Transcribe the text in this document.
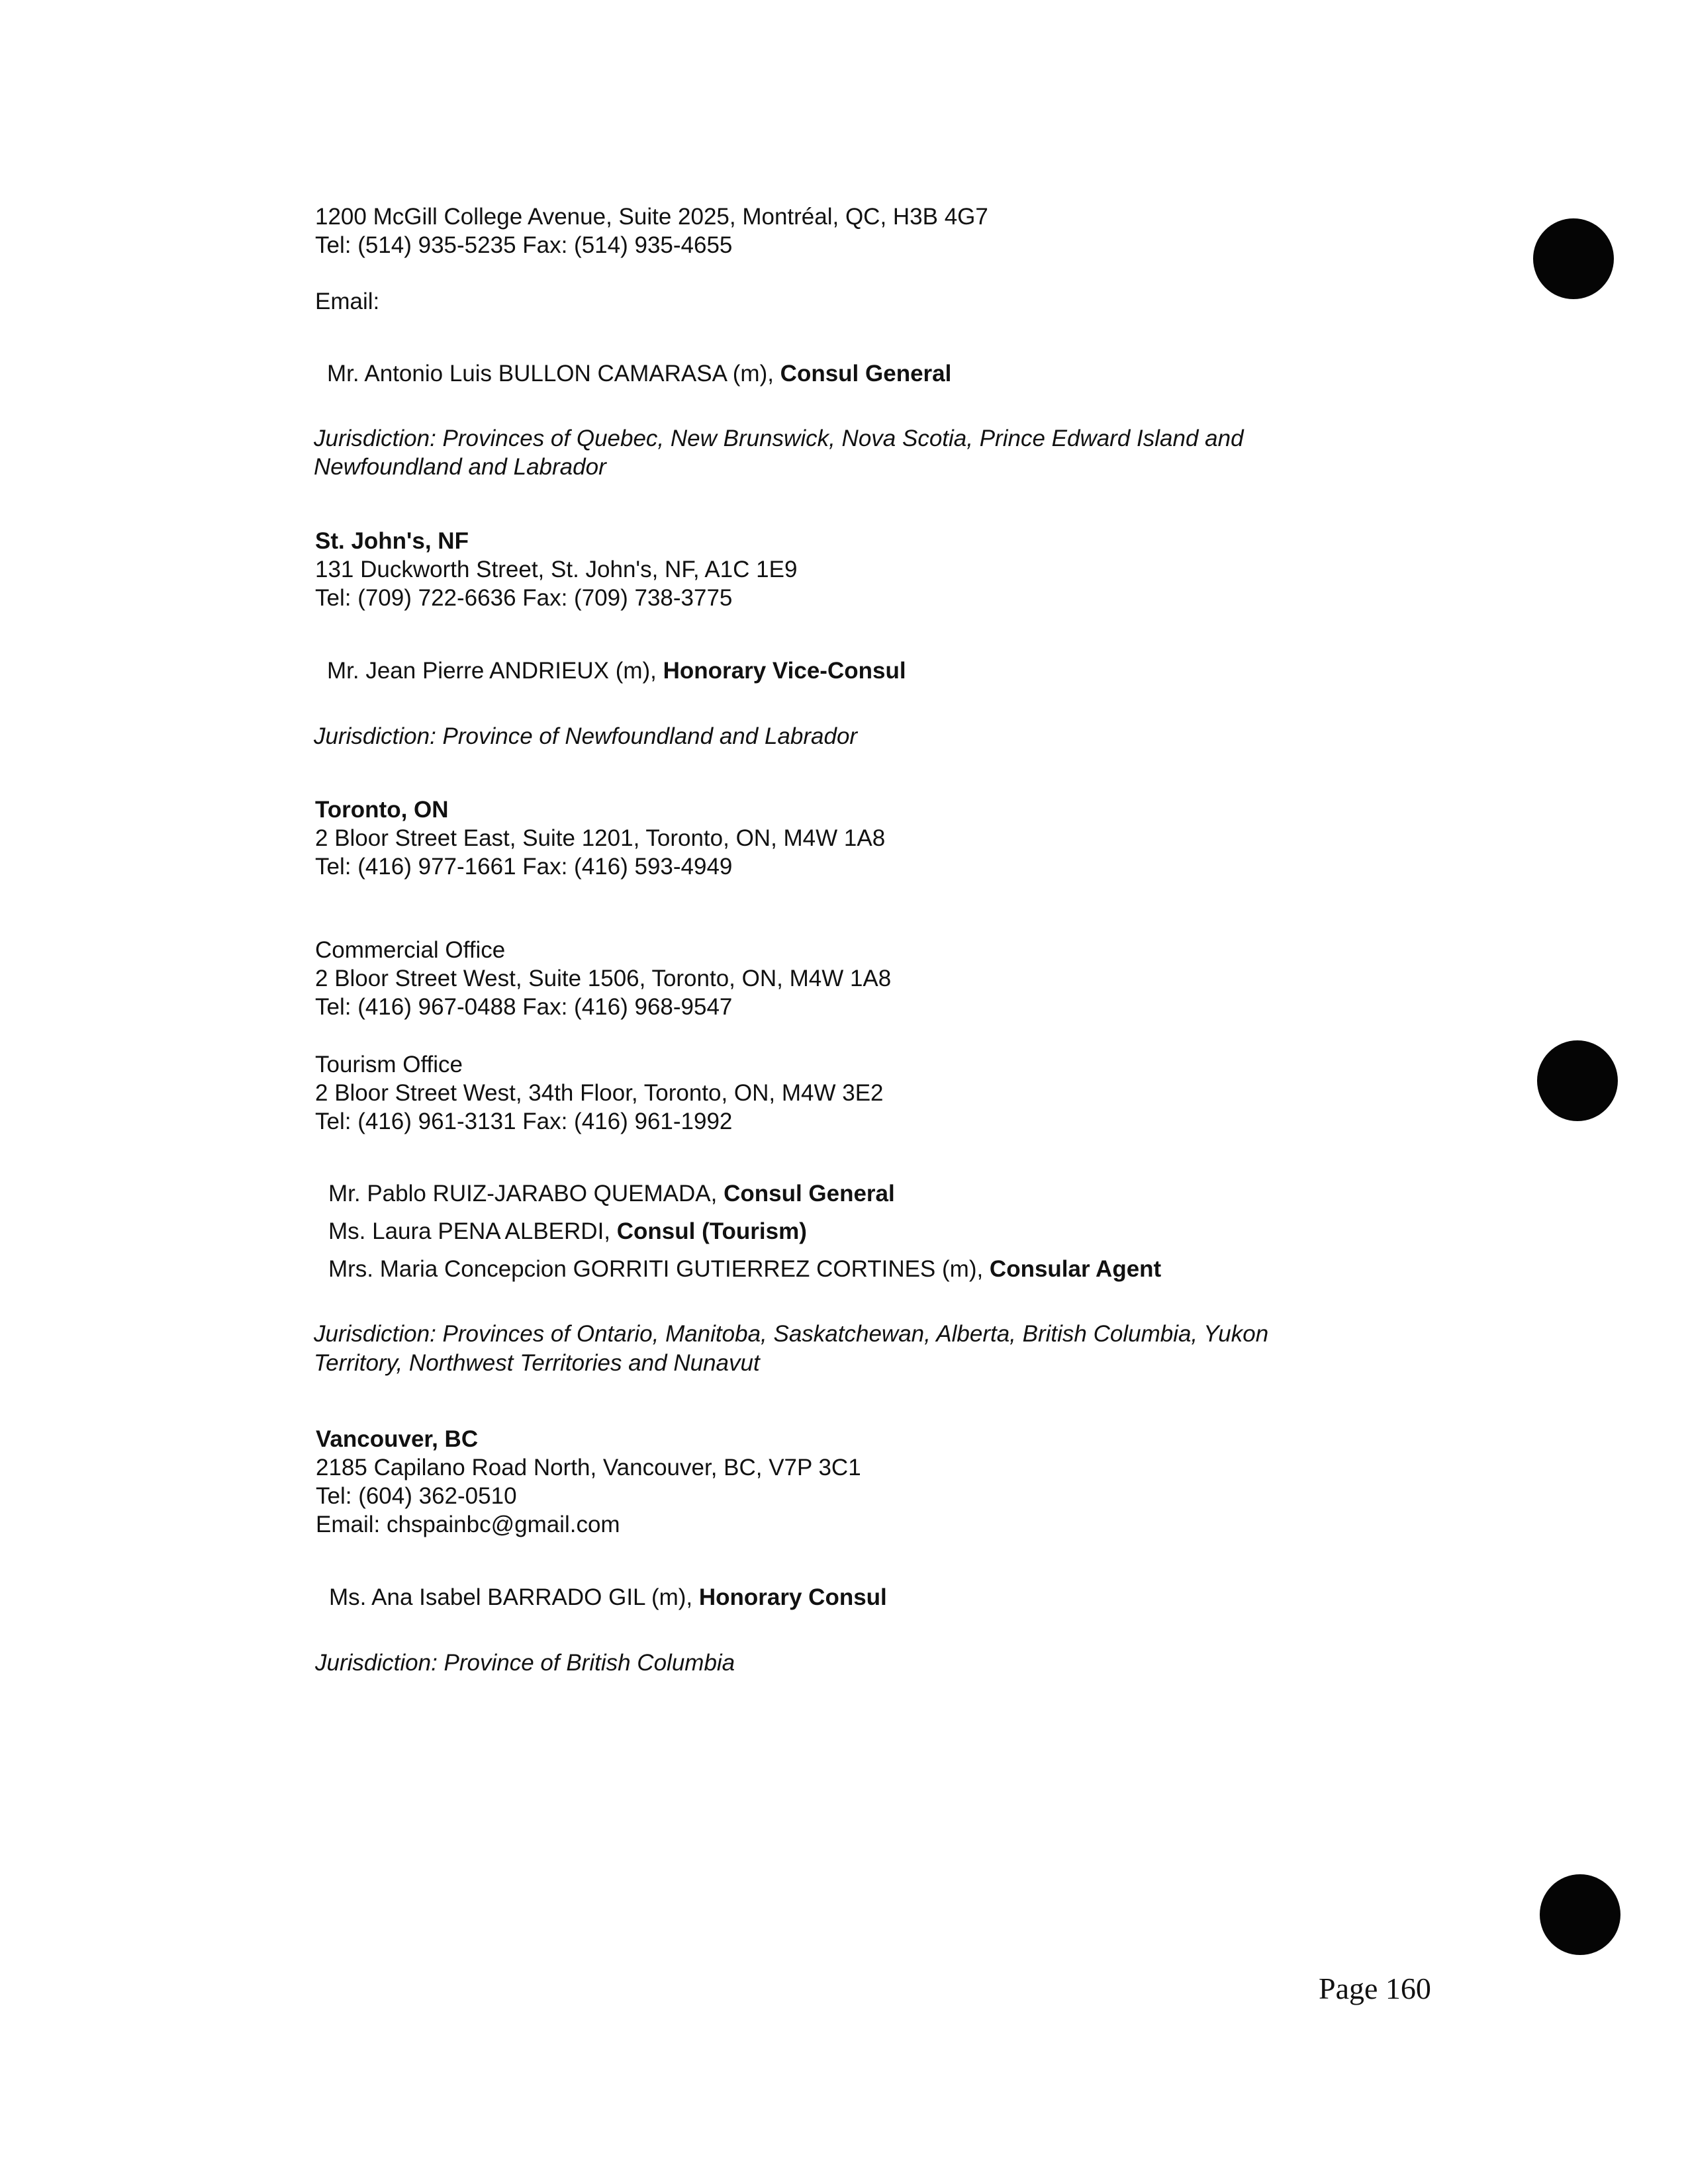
1200 McGill College Avenue, Suite 2025, Montréal, QC, H3B 4G7
Tel: (514) 935-5235 Fax: (514) 935-4655
Email:
Mr. Antonio Luis BULLON CAMARASA (m), Consul General
Jurisdiction: Provinces of Quebec, New Brunswick, Nova Scotia, Prince Edward Island and
Newfoundland and Labrador
St. John's, NF
131 Duckworth Street, St. John's, NF, A1C 1E9
Tel: (709) 722-6636 Fax: (709) 738-3775
Mr. Jean Pierre ANDRIEUX (m), Honorary Vice-Consul
Jurisdiction: Province of Newfoundland and Labrador
Toronto, ON
2 Bloor Street East, Suite 1201, Toronto, ON, M4W 1A8
Tel: (416) 977-1661 Fax: (416) 593-4949
Commercial Office
2 Bloor Street West, Suite 1506, Toronto, ON, M4W 1A8
Tel: (416) 967-0488 Fax: (416) 968-9547
Tourism Office
2 Bloor Street West, 34th Floor, Toronto, ON, M4W 3E2
Tel: (416) 961-3131 Fax: (416) 961-1992
Mr. Pablo RUIZ-JARABO QUEMADA, Consul General
Ms. Laura PENA ALBERDI, Consul (Tourism)
Mrs. Maria Concepcion GORRITI GUTIERREZ CORTINES (m), Consular Agent
Jurisdiction: Provinces of Ontario, Manitoba, Saskatchewan, Alberta, British Columbia, Yukon
Territory, Northwest Territories and Nunavut
Vancouver, BC
2185 Capilano Road North, Vancouver, BC, V7P 3C1
Tel: (604) 362-0510
Email: chspainbc@gmail.com
Ms. Ana Isabel BARRADO GIL (m), Honorary Consul
Jurisdiction: Province of British Columbia
Page 160
